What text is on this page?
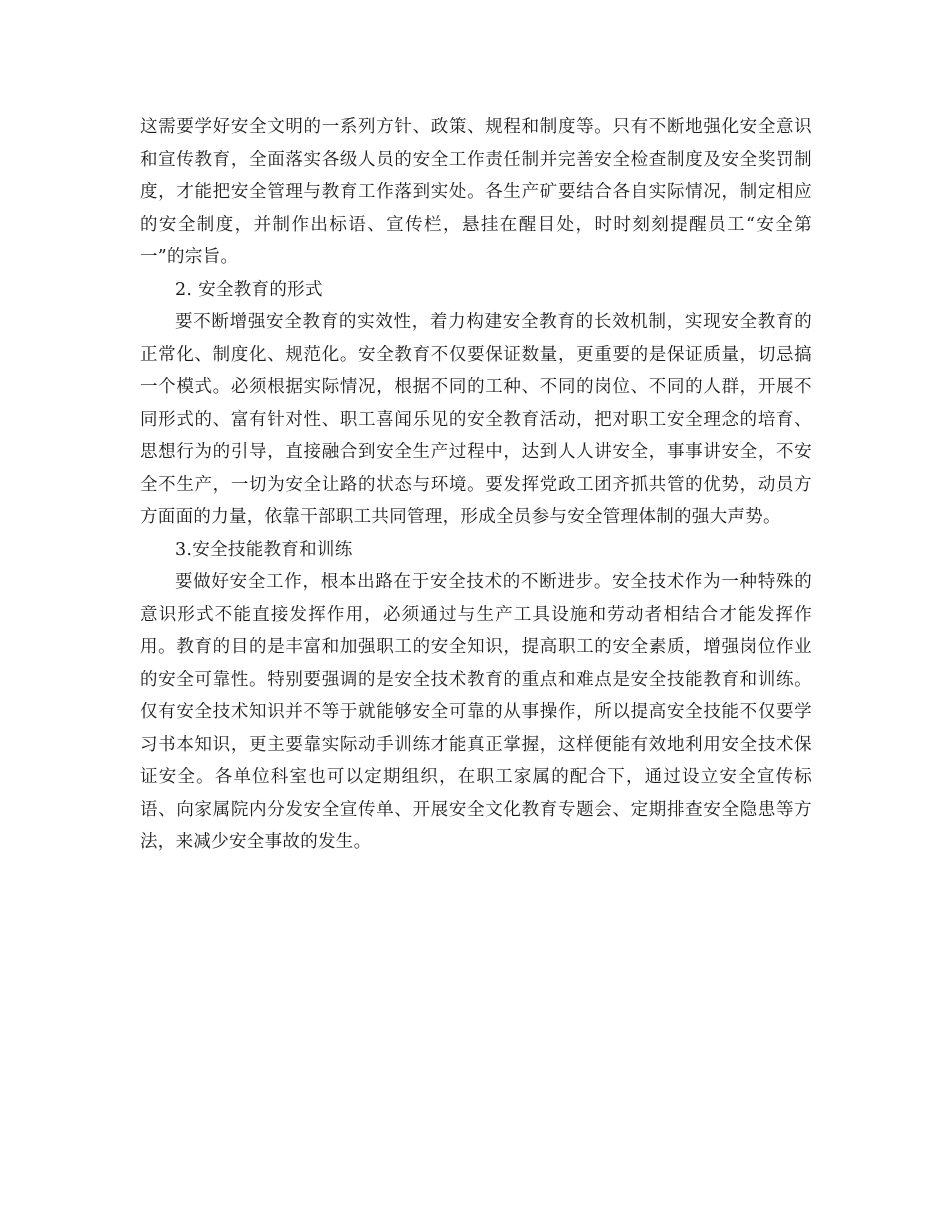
这需要学好安全文明的一系列方针、政策、规程和制度等。只有不断地强化安全意识和宣传教育，全面落实各级人员的安全工作责任制并完善安全检查制度及安全奖罚制度，才能把安全管理与教育工作落到实处。各生产矿要结合各自实际情况，制定相应的安全制度，并制作出标语、宣传栏，悬挂在醒目处，时时刻刻提醒员工“安全第一”的宗旨。

2. 安全教育的形式

要不断增强安全教育的实效性，着力构建安全教育的长效机制，实现安全教育的正常化、制度化、规范化。安全教育不仅要保证数量，更重要的是保证质量，切忌搞一个模式。必须根据实际情况，根据不同的工种、不同的岗位、不同的人群，开展不同形式的、富有针对性、职工喜闻乐见的安全教育活动，把对职工安全理念的培育、思想行为的引导，直接融合到安全生产过程中，达到人人讲安全，事事讲安全，不安全不生产，一切为安全让路的状态与环境。要发挥党政工团齐抓共管的优势，动员方方面面的力量，依靠干部职工共同管理，形成全员参与安全管理体制的强大声势。

3.安全技能教育和训练

要做好安全工作，根本出路在于安全技术的不断进步。安全技术作为一种特殊的意识形式不能直接发挥作用，必须通过与生产工具设施和劳动者相结合才能发挥作用。教育的目的是丰富和加强职工的安全知识，提高职工的安全素质，增强岗位作业的安全可靠性。特别要强调的是安全技术教育的重点和难点是安全技能教育和训练。仅有安全技术知识并不等于就能够安全可靠的从事操作，所以提高安全技能不仅要学习书本知识，更主要靠实际动手训练才能真正掌握，这样便能有效地利用安全技术保证安全。各单位科室也可以定期组织，在职工家属的配合下，通过设立安全宣传标语、向家属院内分发安全宣传单、开展安全文化教育专题会、定期排查安全隐患等方法，来减少安全事故的发生。
